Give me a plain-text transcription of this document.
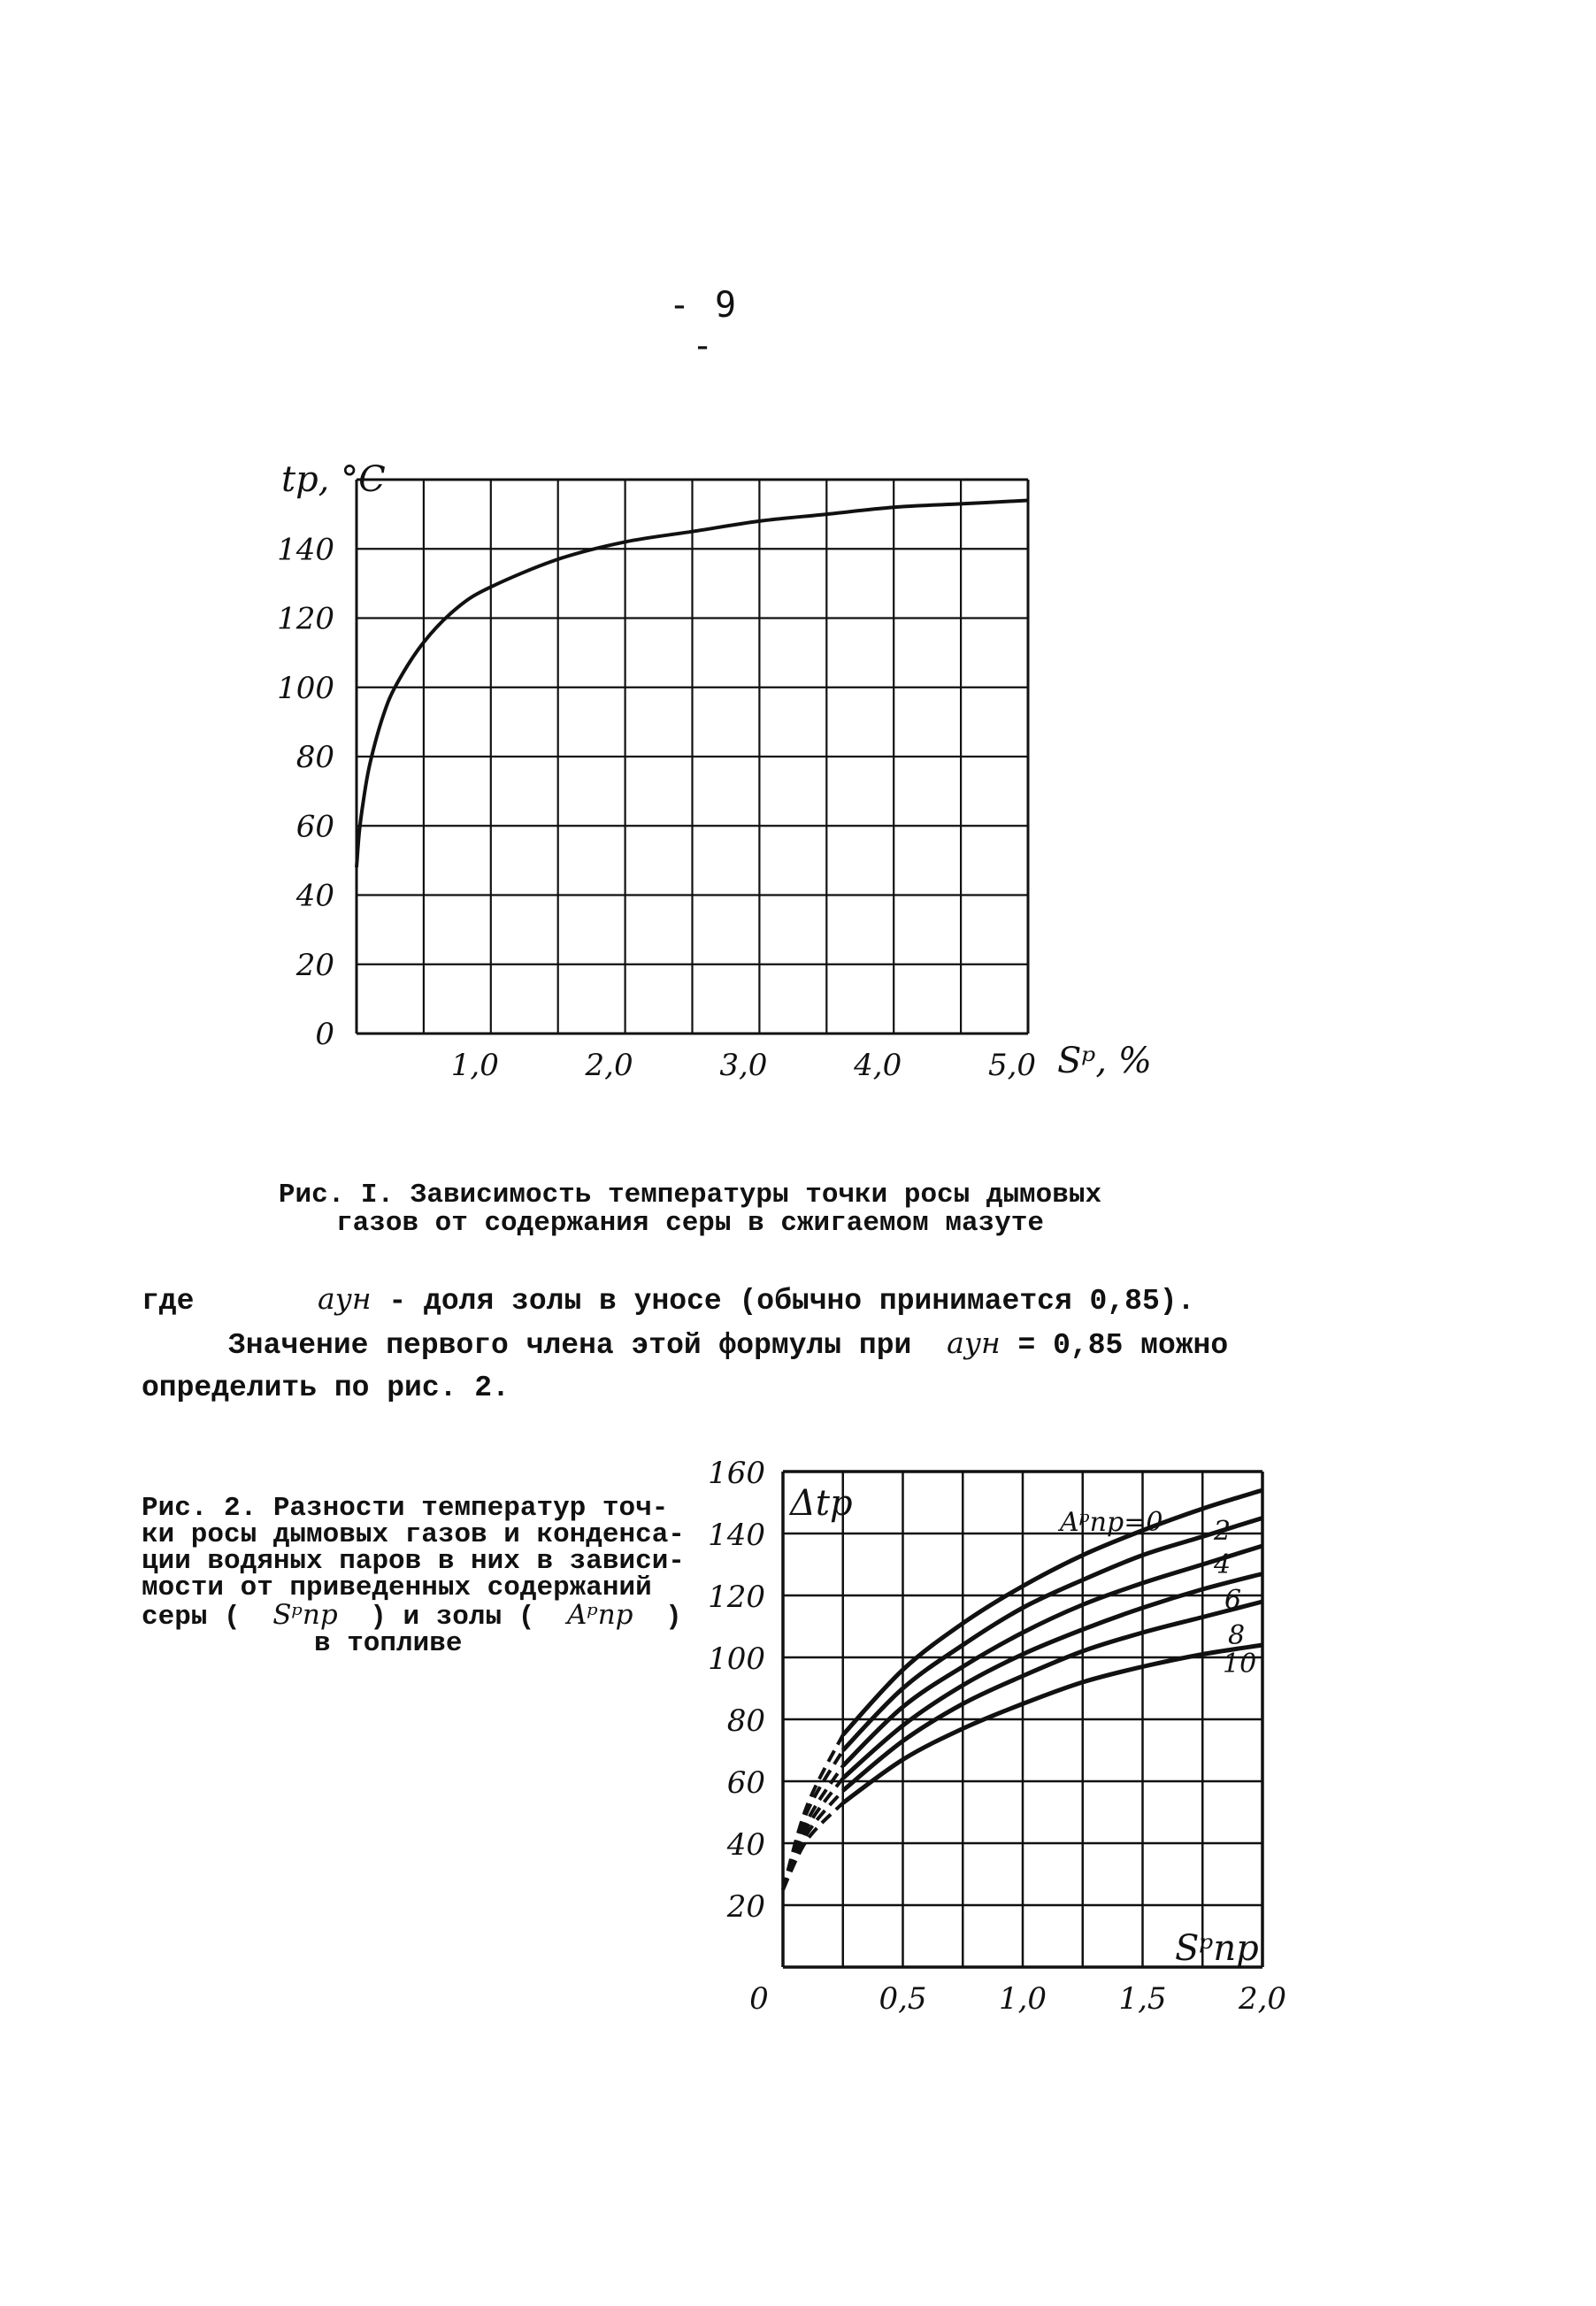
- 9 -
0
20
40
60
80
100
120
140
1,0	2,0	3,0	4,0	5,0
tр, °C
Sᵖ, %
Рис. I. Зависимость температуры точки росы дымовых
газов от содержания серы в сжигаемом мазуте
где	aун - доля золы в уносе (обычно принимается 0,85).
Значение первого члена этой формулы при aун = 0,85 можно
определить по рис. 2.
Рис. 2. Разности температур точ-
ки росы дымовых газов и конденса-
ции водяных паров в них в зависи-
мости от приведенных содержаний
серы ( Sᵖпр ) и золы ( Aᵖпр )
в топливе
20
40
60
80
100
120
140
160
0	0,5 1,0 1,5 2,0
Δtр
Sᵖпр
Aᵖпр=0 2
4
6
8
10
